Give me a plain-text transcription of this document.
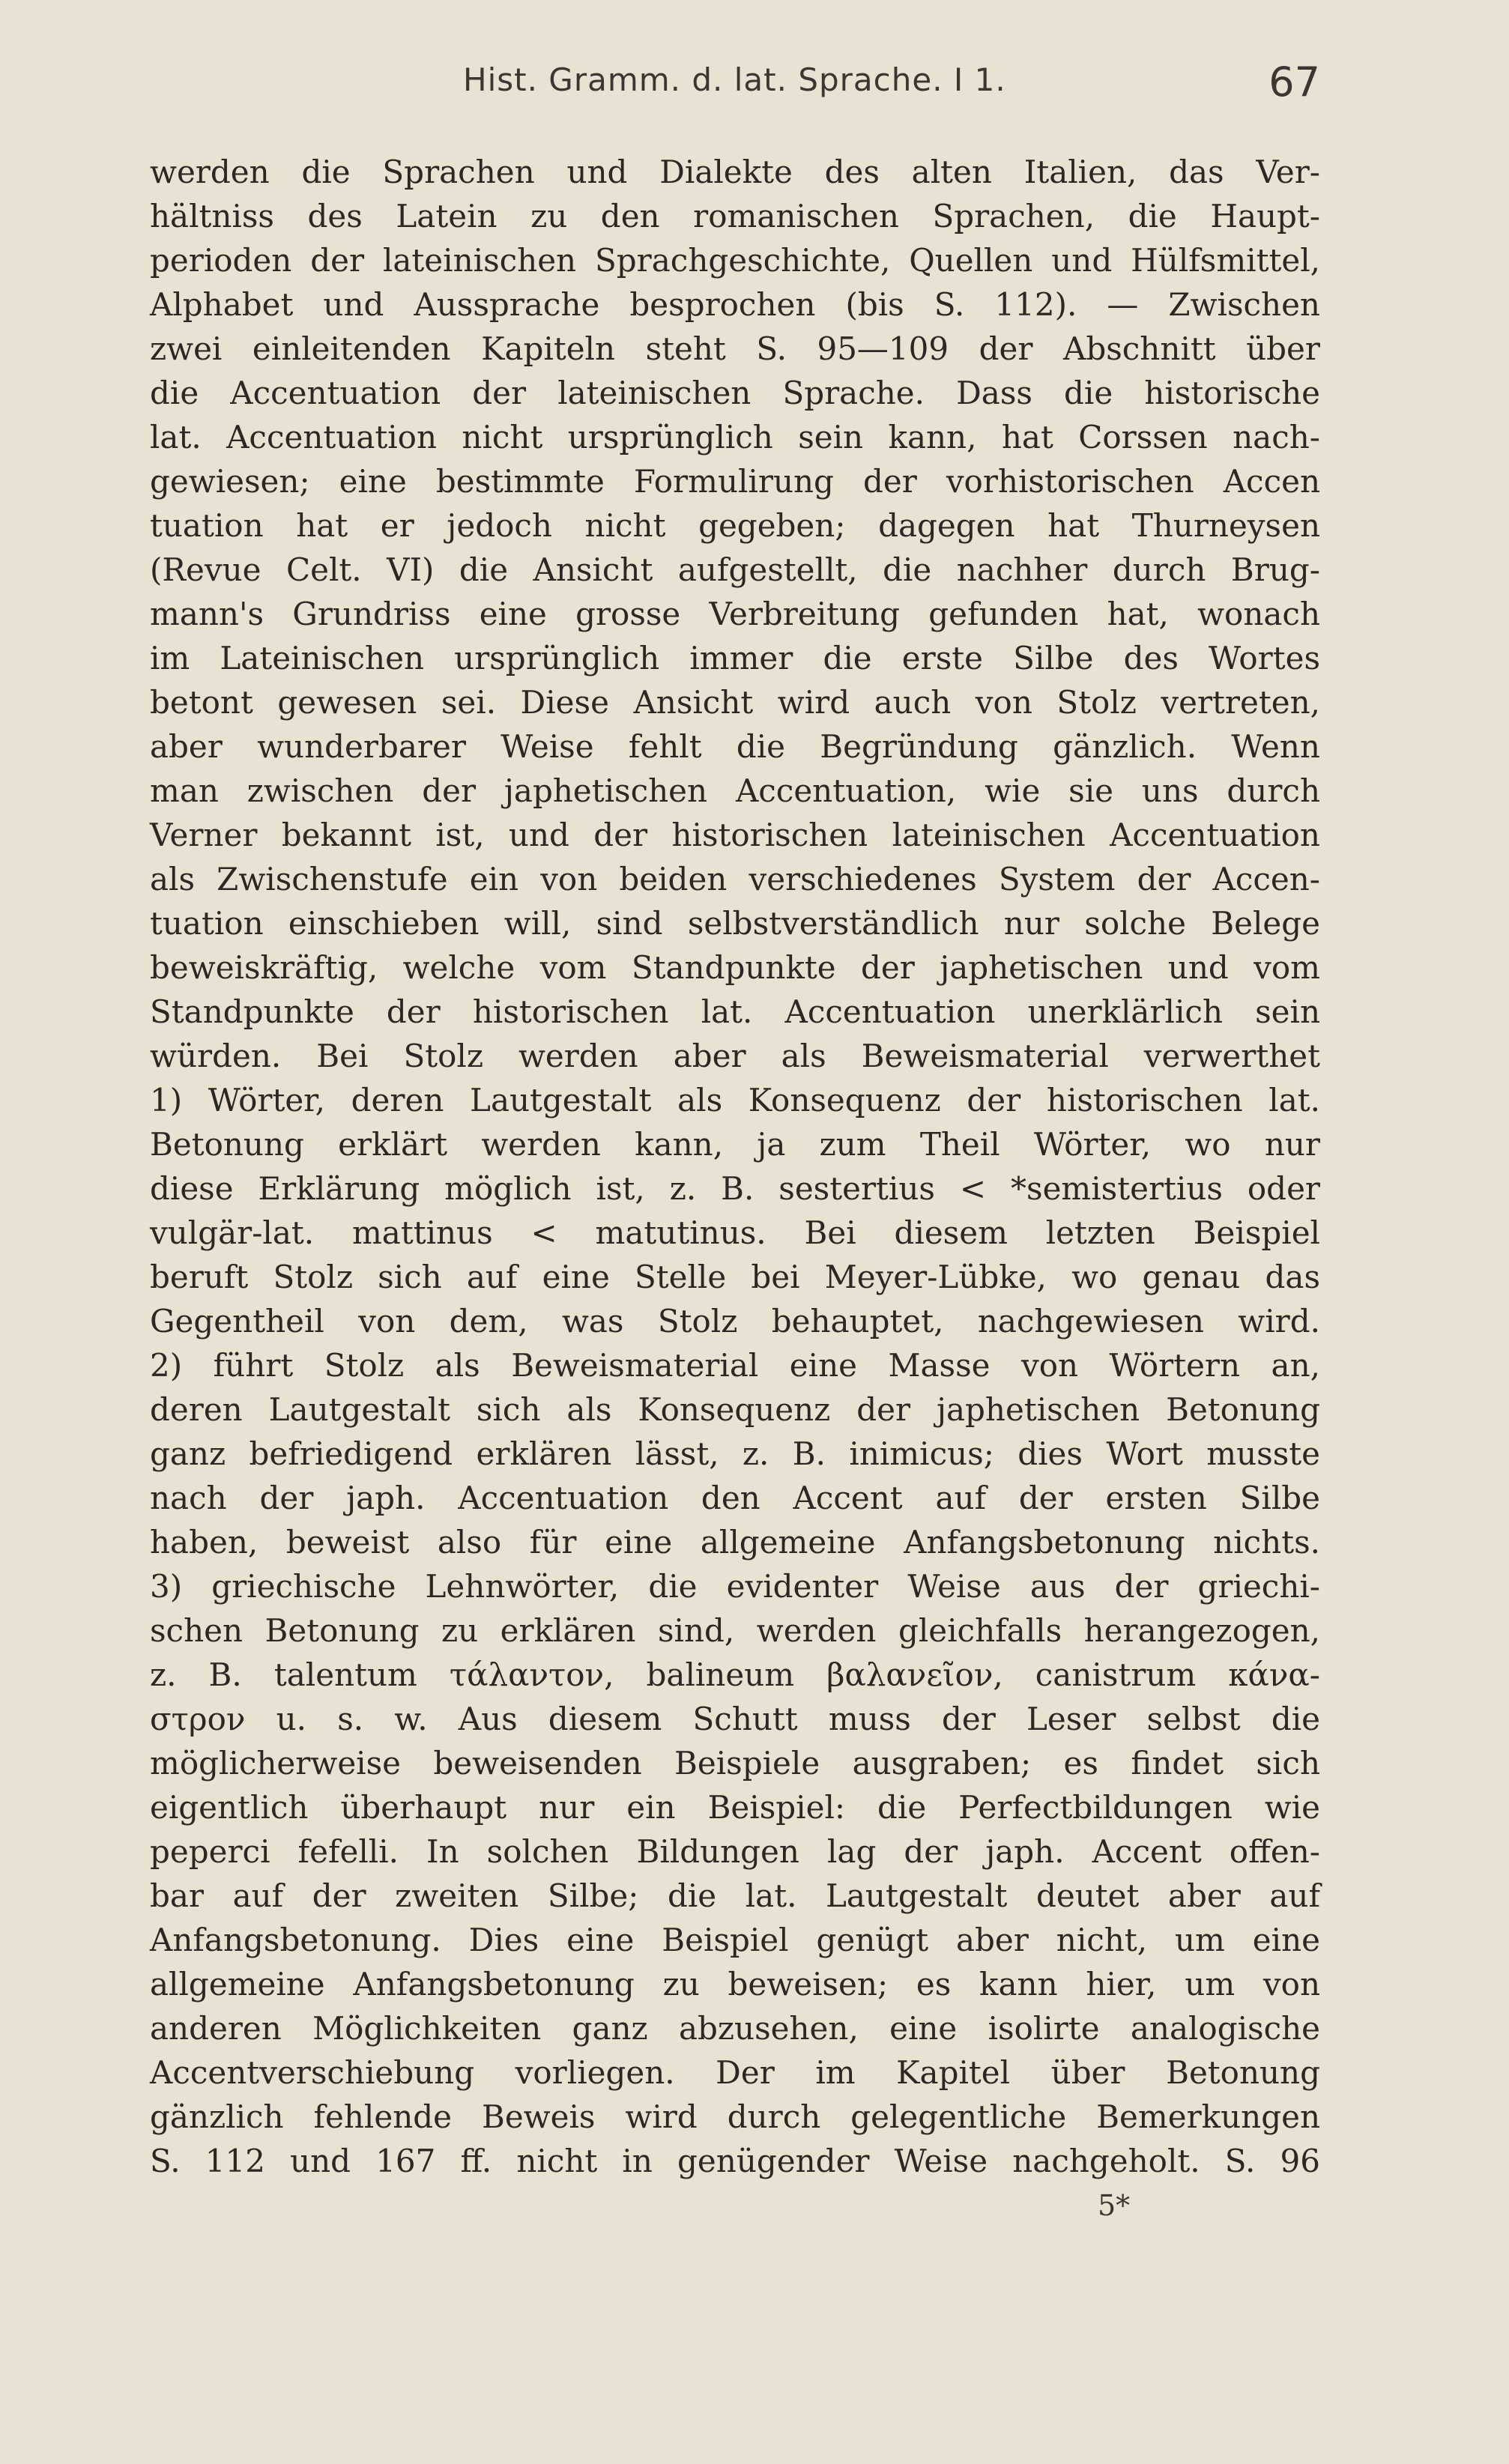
Hist. Gramm. d. lat. Sprache. I 1.	67
werden die Sprachen und Dialekte des alten Italien, das Ver-
hältniss des Latein zu den romanischen Sprachen, die Haupt-
perioden der lateinischen Sprachgeschichte, Quellen und Hülfsmittel,
Alphabet und Aussprache besprochen (bis S. 112). — Zwischen
zwei einleitenden Kapiteln steht S. 95—109 der Abschnitt über
die Accentuation der lateinischen Sprache. Dass die historische
lat. Accentuation nicht ursprünglich sein kann, hat Corssen nach-
gewiesen; eine bestimmte Formulirung der vorhistorischen Accen
tuation hat er jedoch nicht gegeben; dagegen hat Thurneysen
(Revue Celt. VI) die Ansicht aufgestellt, die nachher durch Brug-
mann's Grundriss eine grosse Verbreitung gefunden hat, wonach
im Lateinischen ursprünglich immer die erste Silbe des Wortes
betont gewesen sei. Diese Ansicht wird auch von Stolz vertreten,
aber wunderbarer Weise fehlt die Begründung gänzlich. Wenn
man zwischen der japhetischen Accentuation, wie sie uns durch
Verner bekannt ist, und der historischen lateinischen Accentuation
als Zwischenstufe ein von beiden verschiedenes System der Accen-
tuation einschieben will, sind selbstverständlich nur solche Belege
beweiskräftig, welche vom Standpunkte der japhetischen und vom
Standpunkte der historischen lat. Accentuation unerklärlich sein
würden. Bei Stolz werden aber als Beweismaterial verwerthet
1) Wörter, deren Lautgestalt als Konsequenz der historischen lat.
Betonung erklärt werden kann, ja zum Theil Wörter, wo nur
diese Erklärung möglich ist, z. B. sestertius < *semistertius oder
vulgär-lat. mattinus < matutinus. Bei diesem letzten Beispiel
beruft Stolz sich auf eine Stelle bei Meyer-Lübke, wo genau das
Gegentheil von dem, was Stolz behauptet, nachgewiesen wird.
2) führt Stolz als Beweismaterial eine Masse von Wörtern an,
deren Lautgestalt sich als Konsequenz der japhetischen Betonung
ganz befriedigend erklären lässt, z. B. inimicus; dies Wort musste
nach der japh. Accentuation den Accent auf der ersten Silbe
haben, beweist also für eine allgemeine Anfangsbetonung nichts.
3) griechische Lehnwörter, die evidenter Weise aus der griechi-
schen Betonung zu erklären sind, werden gleichfalls herangezogen,
z. B. talentum τάλαντον, balineum βαλανεῖον, canistrum κάνα-
στρον u. s. w. Aus diesem Schutt muss der Leser selbst die
möglicherweise beweisenden Beispiele ausgraben; es findet sich
eigentlich überhaupt nur ein Beispiel: die Perfectbildungen wie
peperci fefelli. In solchen Bildungen lag der japh. Accent offen-
bar auf der zweiten Silbe; die lat. Lautgestalt deutet aber auf
Anfangsbetonung. Dies eine Beispiel genügt aber nicht, um eine
allgemeine Anfangsbetonung zu beweisen; es kann hier, um von
anderen Möglichkeiten ganz abzusehen, eine isolirte analogische
Accentverschiebung vorliegen. Der im Kapitel über Betonung
gänzlich fehlende Beweis wird durch gelegentliche Bemerkungen
S. 112 und 167 ff. nicht in genügender Weise nachgeholt. S. 96
5*
